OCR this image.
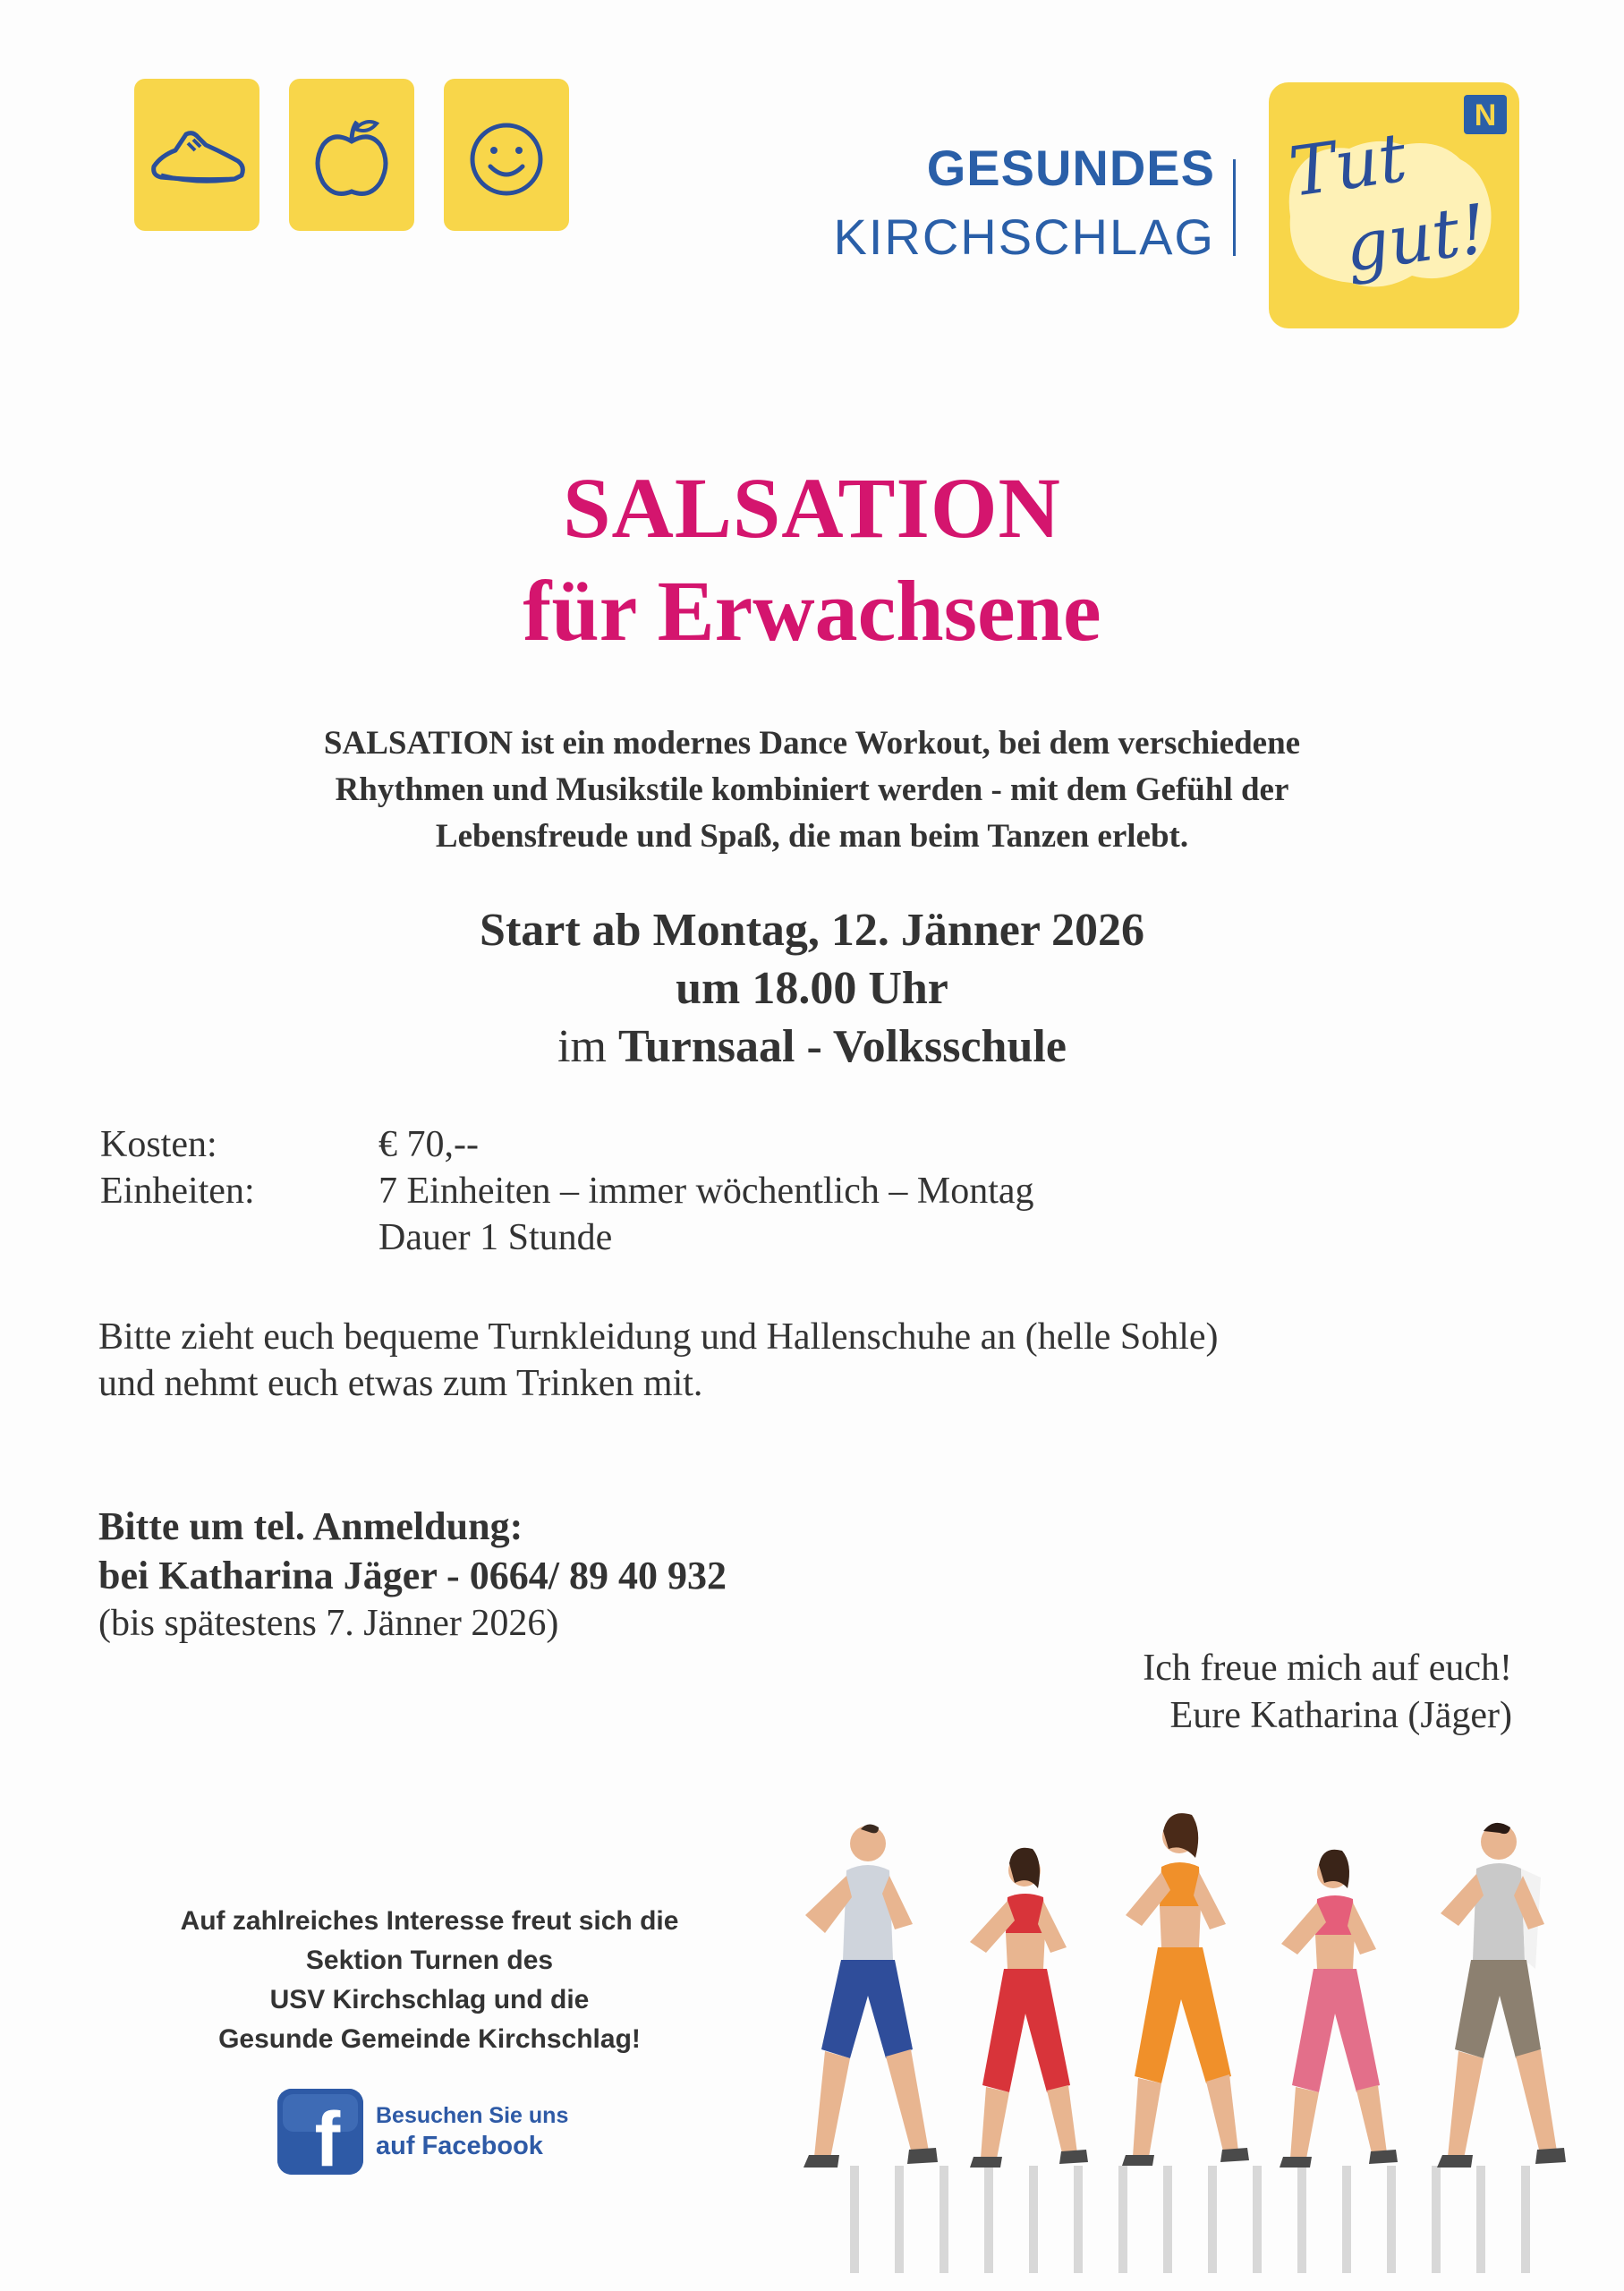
GESUNDES
KIRCHSCHLAG
N
Tut
gut!
SALSATION
für Erwachsene
SALSATION ist ein modernes Dance Workout, bei dem verschiedene
Rhythmen und Musikstile kombiniert werden - mit dem Gefühl der
Lebensfreude und Spaß, die man beim Tanzen erlebt.
Start ab Montag, 12. Jänner 2026
um 18.00 Uhr
im Turnsaal - Volksschule
Kosten:	€ 70,--
Einheiten:	7 Einheiten – immer wöchentlich – Montag
Dauer 1 Stunde
Bitte zieht euch bequeme Turnkleidung und Hallenschuhe an (helle Sohle)
und nehmt euch etwas zum Trinken mit.
Bitte um tel. Anmeldung:
bei Katharina Jäger - 0664/ 89 40 932
(bis spätestens 7. Jänner 2026)
Ich freue mich auf euch!
Eure Katharina (Jäger)
Auf zahlreiches Interesse freut sich die
Sektion Turnen des
USV Kirchschlag und die
Gesunde Gemeinde Kirchschlag!
f Besuchen Sie uns
auf Facebook
